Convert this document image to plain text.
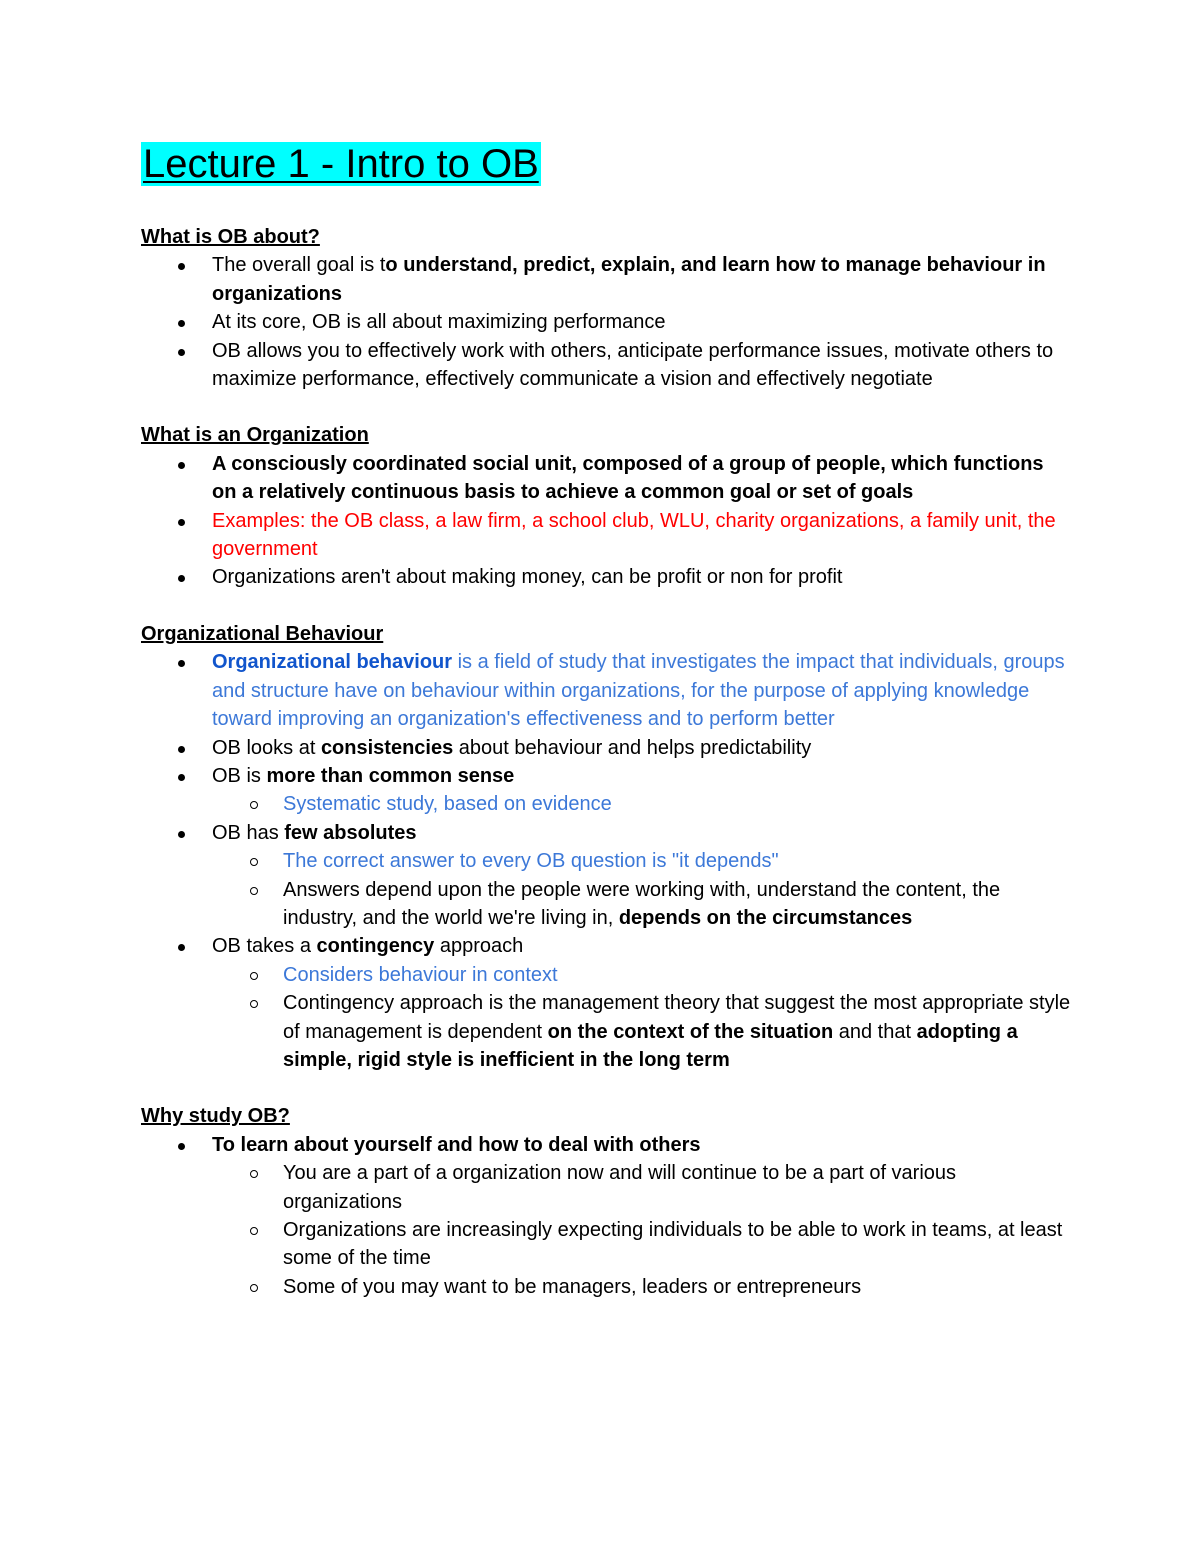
Lecture 1 - Intro to OB

What is OB about?

The overall goal is to understand, predict, explain, and learn how to manage behaviour in organizations
At its core, OB is all about maximizing performance
OB allows you to effectively work with others, anticipate performance issues, motivate others to maximize performance, effectively communicate a vision and effectively negotiate

What is an Organization

A consciously coordinated social unit, composed of a group of people, which functions on a relatively continuous basis to achieve a common goal or set of goals
Examples: the OB class, a law firm, a school club, WLU, charity organizations, a family unit, the government
Organizations aren't about making money, can be profit or non for profit

Organizational Behaviour

Organizational behaviour is a field of study that investigates the impact that individuals, groups and structure have on behaviour within organizations, for the purpose of applying knowledge toward improving an organization's effectiveness and to perform better
OB looks at consistencies about behaviour and helps predictability
OB is more than common sense
Systematic study, based on evidence
OB has few absolutes
The correct answer to every OB question is "it depends"
Answers depend upon the people were working with, understand the content, the industry, and the world we're living in, depends on the circumstances
OB takes a contingency approach
Considers behaviour in context
Contingency approach is the management theory that suggest the most appropriate style of management is dependent on the context of the situation and that adopting a simple, rigid style is inefficient in the long term

Why study OB?

To learn about yourself and how to deal with others
You are a part of a organization now and will continue to be a part of various organizations
Organizations are increasingly expecting individuals to be able to work in teams, at least some of the time
Some of you may want to be managers, leaders or entrepreneurs
